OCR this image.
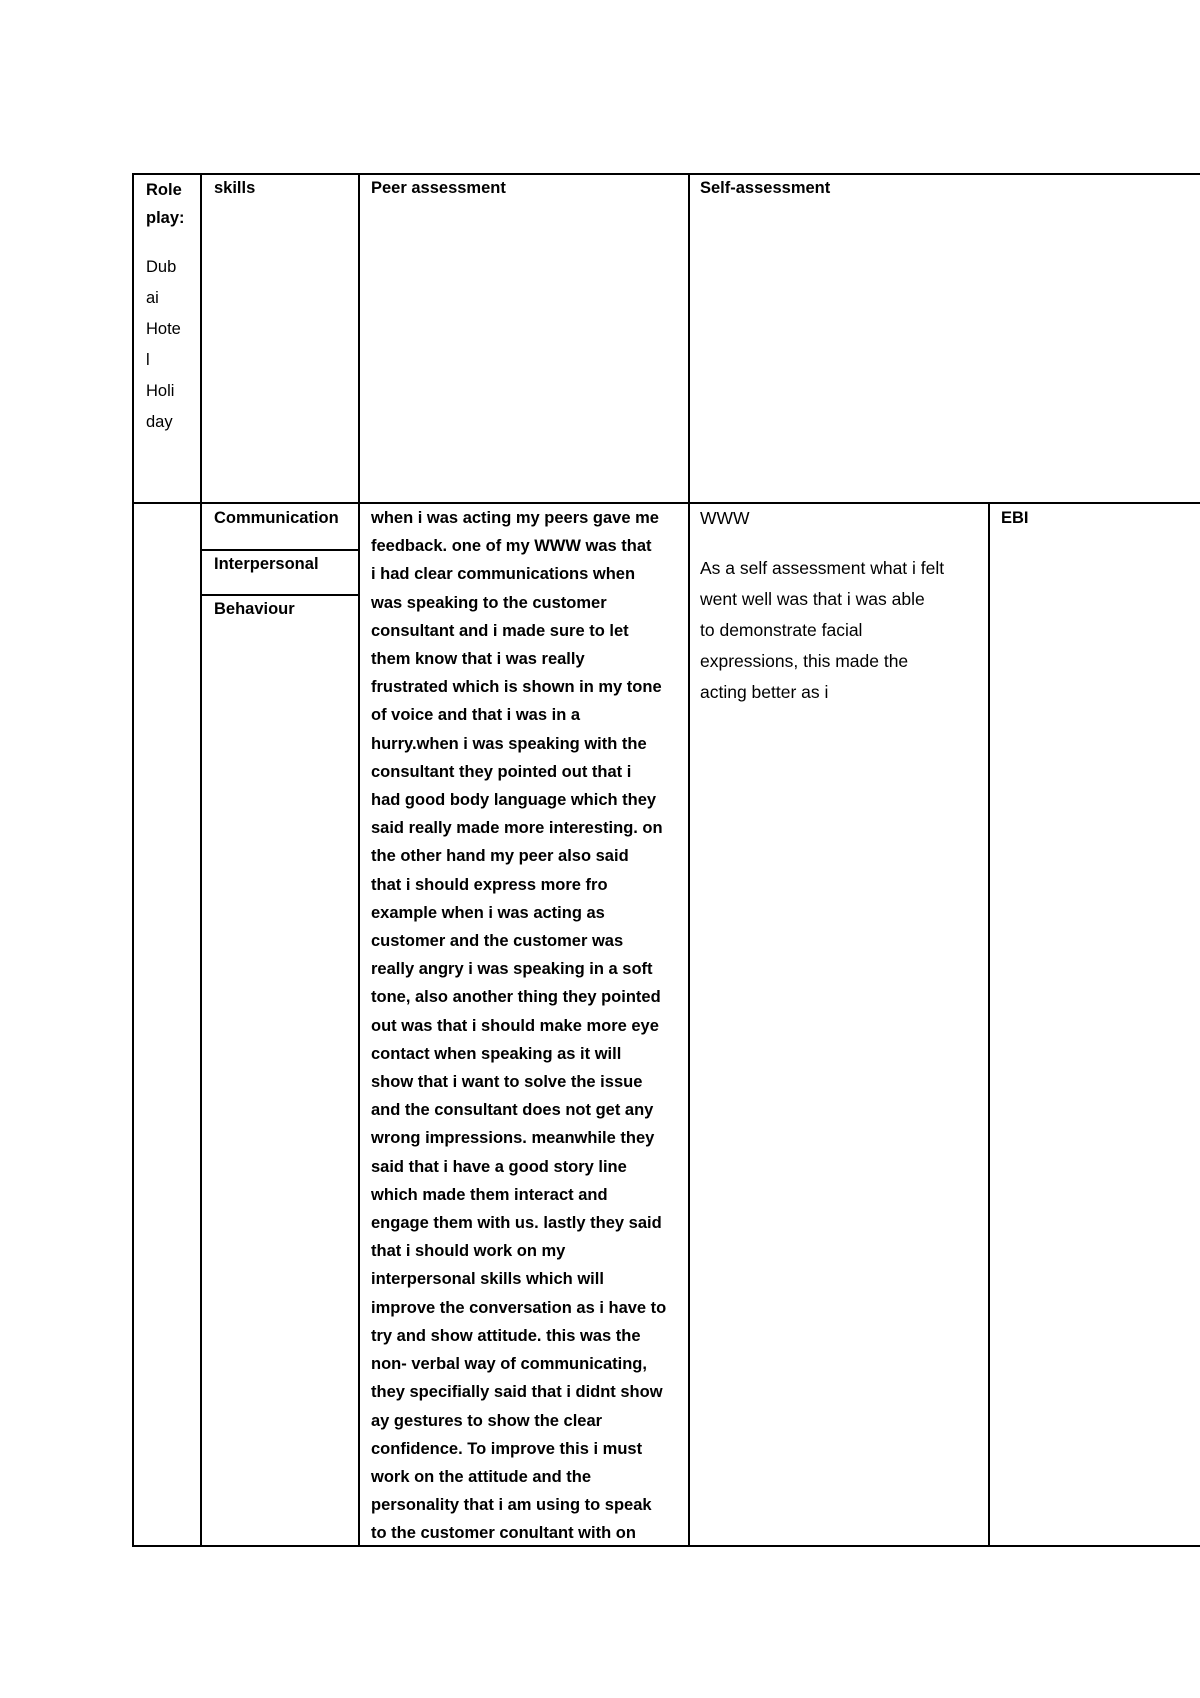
Role
play:
Dub
ai
Hote
l
Holi
day
skills	Peer assessment	Self-assessment
Communication
Interpersonal
Behaviour
when i was acting my peers gave me
feedback. one of my WWW was that
i had clear communications when
was speaking to the customer
consultant and i made sure to let
them know that i was really
frustrated which is shown in my tone
of voice and that i was in a
hurry.when i was speaking with the
consultant they pointed out that i
had good body language which they
said really made more interesting. on
the other hand my peer also said
that i should express more fro
example when i was acting as
customer and the customer was
really angry i was speaking in a soft
tone, also another thing they pointed
out was that i should make more eye
contact when speaking as it will
show that i want to solve the issue
and the consultant does not get any
wrong impressions. meanwhile they
said that i have a good story line
which made them interact and
engage them with us. lastly they said
that i should work on my
interpersonal skills which will
improve the conversation as i have to
try and show attitude. this was the
non- verbal way of communicating,
they specifially said that i didnt show
ay gestures to show the clear
confidence. To improve this i must
work on the attitude and the
personality that i am using to speak
to the customer conultant with on
WWW
As a self assessment what i felt
went well was that i was able
to demonstrate facial
expressions, this made the
acting better as i
EBI
